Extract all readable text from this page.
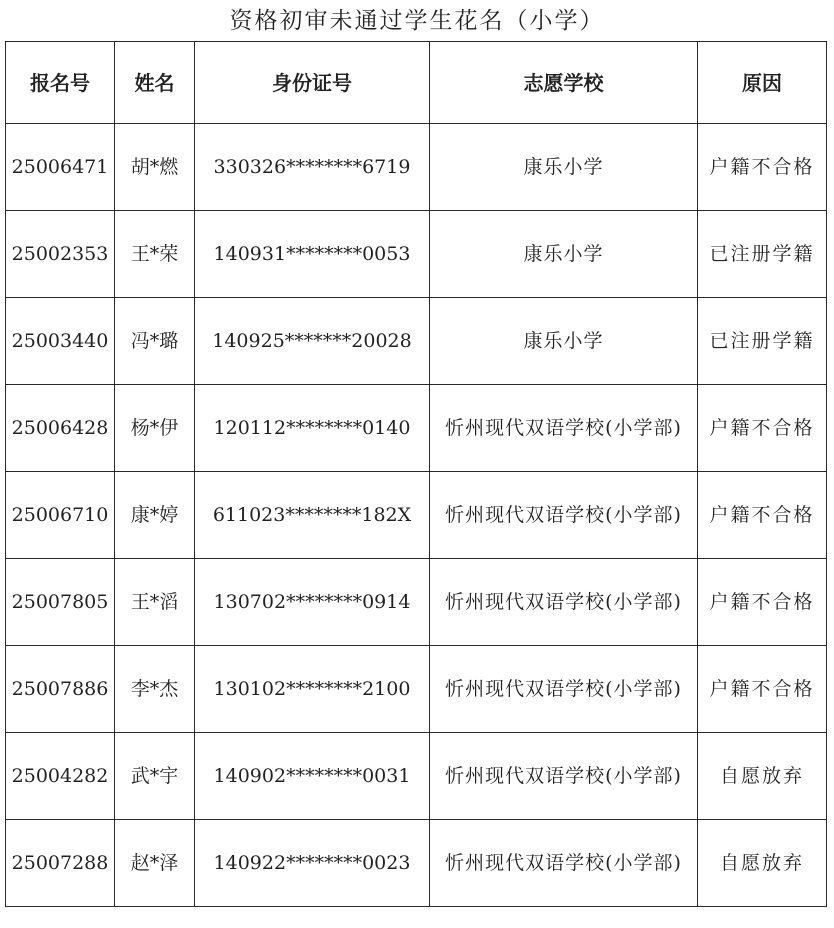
资格初审未通过学生花名（小学）
报名号	姓名	身份证号	志愿学校	原因
25006471	胡*燃	330326********6719	康乐小学	户籍不合格
25002353	王*荣	140931********0053	康乐小学	已注册学籍
25003440	冯*璐	140925*******20028	康乐小学	已注册学籍
25006428	杨*伊	120112********0140	忻州现代双语学校(小学部)	户籍不合格
25006710	康*婷	611023********182X	忻州现代双语学校(小学部)	户籍不合格
25007805	王*滔	130702********0914	忻州现代双语学校(小学部)	户籍不合格
25007886	李*杰	130102********2100	忻州现代双语学校(小学部)	户籍不合格
25004282	武*宇	140902********0031	忻州现代双语学校(小学部)	自愿放弃
25007288	赵*泽	140922********0023	忻州现代双语学校(小学部)	自愿放弃
